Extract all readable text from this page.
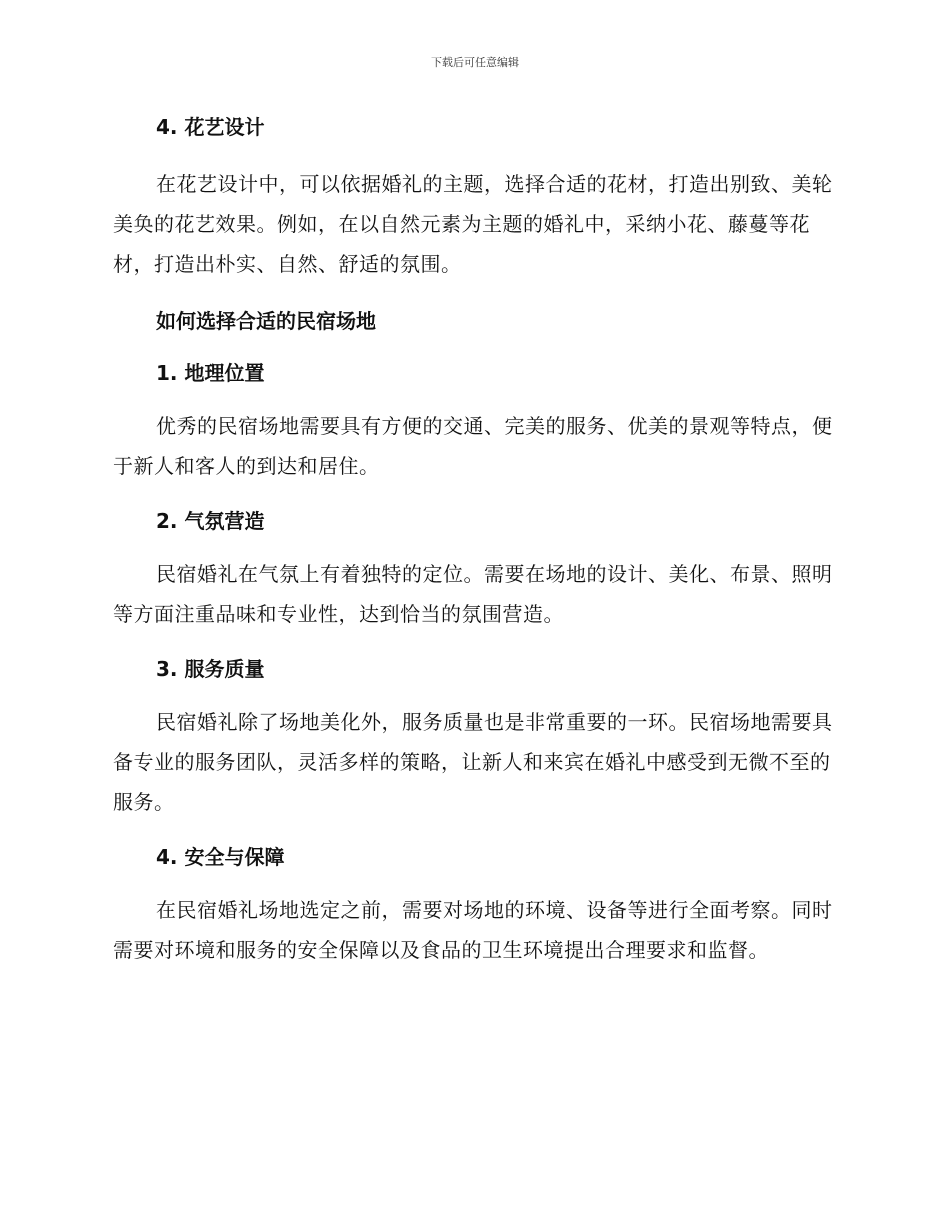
下载后可任意编辑
4. 花艺设计

在花艺设计中，可以依据婚礼的主题，选择合适的花材，打造出别致、美轮美奂的花艺效果。例如，在以自然元素为主题的婚礼中，采纳小花、藤蔓等花材，打造出朴实、自然、舒适的氛围。

如何选择合适的民宿场地
1. 地理位置

优秀的民宿场地需要具有方便的交通、完美的服务、优美的景观等特点，便于新人和客人的到达和居住。

2. 气氛营造

民宿婚礼在气氛上有着独特的定位。需要在场地的设计、美化、布景、照明等方面注重品味和专业性，达到恰当的氛围营造。

3. 服务质量

民宿婚礼除了场地美化外，服务质量也是非常重要的一环。民宿场地需要具备专业的服务团队，灵活多样的策略，让新人和来宾在婚礼中感受到无微不至的服务。

4. 安全与保障

在民宿婚礼场地选定之前，需要对场地的环境、设备等进行全面考察。同时需要对环境和服务的安全保障以及食品的卫生环境提出合理要求和监督。
